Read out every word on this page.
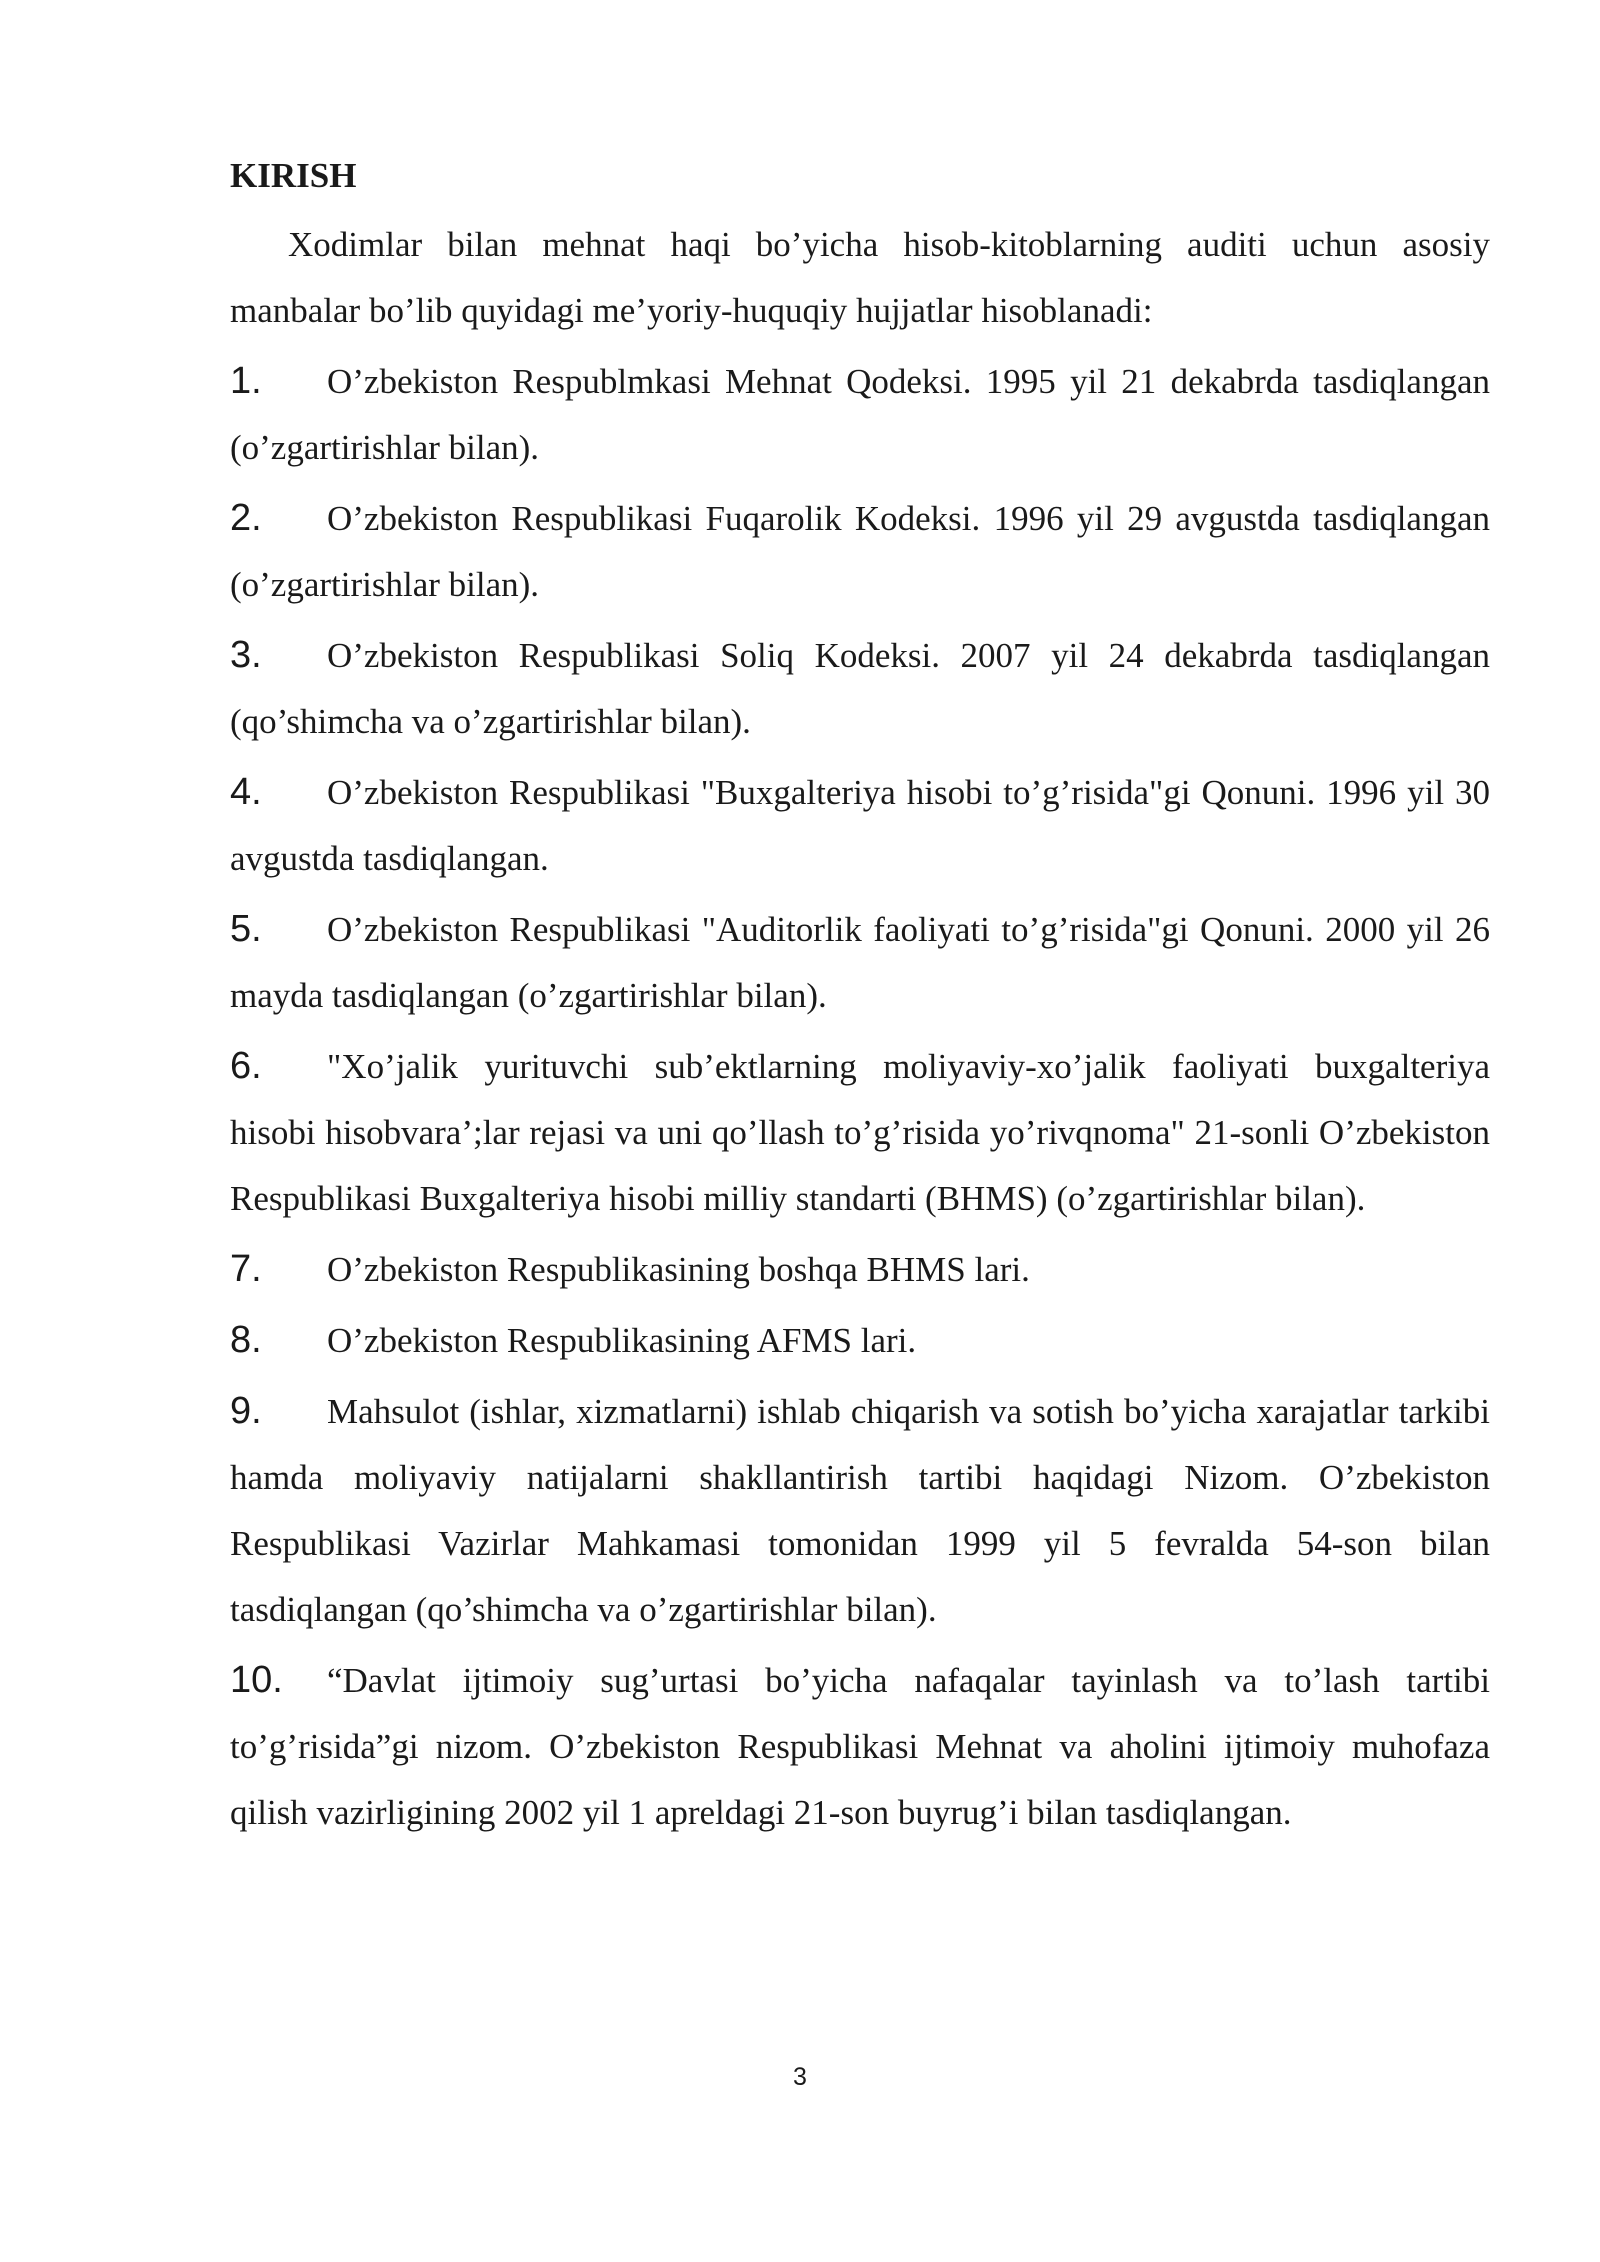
KIRISH

Xodimlar bilan mehnat haqi bo’yicha hisob-kitoblarning auditi uchun asosiy manbalar bo’lib quyidagi me’yoriy-huquqiy hujjatlar hisoblanadi:

1. O’zbekiston Respublmkasi Mehnat Qodeksi. 1995 yil 21 dekabrda tasdiqlangan (o’zgartirishlar bilan).
2. O’zbekiston Respublikasi Fuqarolik Kodeksi. 1996 yil 29 avgustda tasdiqlangan (o’zgartirishlar bilan).
3. O’zbekiston Respublikasi Soliq Kodeksi. 2007 yil 24 dekabrda tasdiqlangan (qo’shimcha va o’zgartirishlar bilan).
4. O’zbekiston Respublikasi "Buxgalteriya hisobi to’g’risida"gi Qonuni. 1996 yil 30 avgustda tasdiqlangan.
5. O’zbekiston Respublikasi "Auditorlik faoliyati to’g’risida"gi Qonuni. 2000 yil 26 mayda tasdiqlangan (o’zgartirishlar bilan).
6. "Xo’jalik yurituvchi sub’ektlarning moliyaviy-xo’jalik faoliyati buxgalteriya hisobi hisobvara’;lar rejasi va uni qo’llash to’g’risida yo’rivqnoma" 21-sonli O’zbekiston Respublikasi Buxgalteriya hisobi milliy standarti (BHMS) (o’zgartirishlar bilan).
7. O’zbekiston Respublikasining boshqa BHMS lari.
8. O’zbekiston Respublikasining AFMS lari.
9. Mahsulot (ishlar, xizmatlarni) ishlab chiqarish va sotish bo’yicha xarajatlar tarkibi hamda moliyaviy natijalarni shakllantirish tartibi haqidagi Nizom. O’zbekiston Respublikasi Vazirlar Mahkamasi tomonidan 1999 yil 5 fevralda 54-son bilan tasdiqlangan (qo’shimcha va o’zgartirishlar bilan).
10. “Davlat ijtimoiy sug’urtasi bo’yicha nafaqalar tayinlash va to’lash tartibi to’g’risida”gi nizom. O’zbekiston Respublikasi Mehnat va aholini ijtimoiy muhofaza qilish vazirligining 2002 yil 1 apreldagi 21-son buyrug’i bilan tasdiqlangan.
3
